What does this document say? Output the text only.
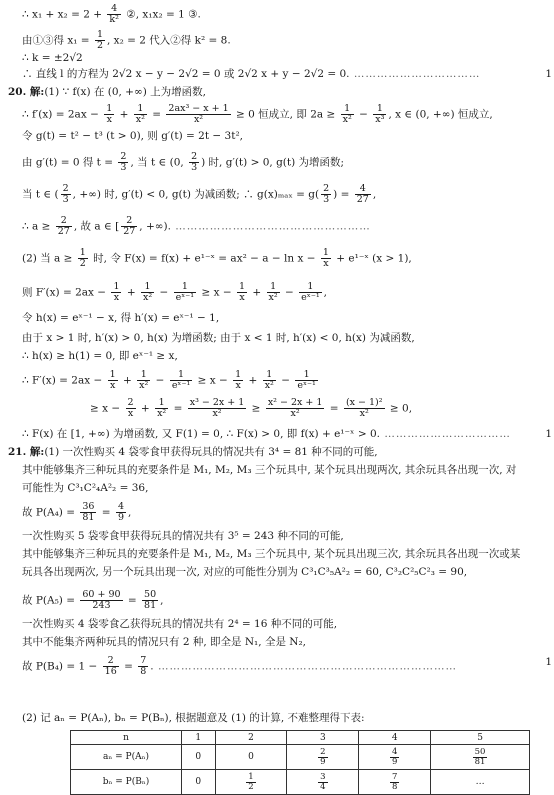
∴ $x_1 + x_2 = 2 + \frac{4}{\text{k²}}$ ②, x₁x₂ = 1 ③.
由①③得 $x_1 = \frac{1}{2}$ , x₂ = 2 代入②得 k² = 8.
∴ k = ±2√2
∴ 直线 l 的方程为 2√2 x − y − 2√2 = 0 或 2√2 x + y − 2√2 = 0. ……………………………	1
20. 解:(1) ∵ f(x) 在 (0, +∞) 上为增函数,
∴ $f'(x) = 2ax - \frac{1}{x} + \frac{1}{\text{x²}} = \frac{\text{2ax³ − x + 1}}{\text{x²}} \ge 0$ 恒成立, 即 $2a \ge \frac{1}{\text{x²}} - \frac{1}{\text{x³}}$ , x ∈ (0, +∞) 恒成立,
令 g(t) = t² − t³ (t > 0), 则 g′(t) = 2t − 3t²,
由 g′(t) = 0 得 $t = \frac{2}{3}$ , 当 t ∈ (0, $\frac{2}{3}$ ) 时, g′(t) > 0, g(t) 为增函数;
当 t ∈ ( $\frac{2}{3}$ , +∞) 时, g′(t) < 0, g(t) 为减函数; ∴ $g(x)_{max} = g( \frac{2}{3}$ ) = $\frac{4}{27}$ ,
∴ $a \ge \frac{2}{27}$ , 故 a ∈ [ $\frac{2}{27}$ , +∞). ……………………………………………
(2) 当 $a \ge \frac{1}{2}$ 时, 令 F(x) = f(x) + e¹⁻ˣ = $ax^2 - a - \ln x - \frac{1}{x}$ + e¹⁻ˣ (x > 1),
则 $F'(x) = 2ax - \frac{1}{x} + \frac{1}{\text{x²}} - \frac{1}{\text{eˣ⁻¹}} \ge x - \frac{1}{x} + \frac{1}{\text{x²}} - \frac{1}{\text{eˣ⁻¹}}$ ,
令 h(x) = eˣ⁻¹ − x, 得 h′(x) = eˣ⁻¹ − 1,
由于 x > 1 时, h′(x) > 0, h(x) 为增函数; 由于 x < 1 时, h′(x) < 0, h(x) 为减函数,
∴ h(x) ≥ h(1) = 0, 即 eˣ⁻¹ ≥ x,
∴ $F'(x) = 2ax - \frac{1}{x} + \frac{1}{\text{x²}} - \frac{1}{\text{eˣ⁻¹}} \ge x - \frac{1}{x} + \frac{1}{\text{x²}} - \frac{1}{\text{eˣ⁻¹}}$
≥ $x - \frac{2}{x} + \frac{1}{\text{x²}} = \frac{\text{x³ − 2x + 1}}{\text{x²}} \ge \frac{\text{x² − 2x + 1}}{\text{x²}} = \frac{\text{(x − 1)²}}{\text{x²}} \ge 0$,
∴ F(x) 在 [1, +∞) 为增函数, 又 F(1) = 0, ∴ F(x) > 0, 即 f(x) + e¹⁻ˣ > 0. ……………………………	1
21. 解:(1) 一次性购买 4 袋零食甲获得玩具的情况共有 3⁴ = 81 种不同的可能,
其中能够集齐三种玩具的充要条件是 M₁, M₂, M₃ 三个玩具中, 某个玩具出现两次, 其余玩具各出现一次, 对
可能性为 C³₁C²₄A²₂ = 36,
故 $P(A_4) = \frac{36}{81} = \frac{4}{9}$ ,
一次性购买 5 袋零食甲获得玩具的情况共有 3⁵ = 243 种不同的可能,
其中能够集齐三种玩具的充要条件是 M₁, M₂, M₃ 三个玩具中, 某个玩具出现三次, 其余玩具各出现一次或某
玩具各出现两次, 另一个玩具出现一次, 对应的可能性分别为 C³₁C³₅A²₂ = 60, C³₂C²₅C²₃ = 90,
故 $P(A_5) = \frac{60 + 90}{243} = \frac{50}{81}$ ,
一次性购买 4 袋零食乙获得玩具的情况共有 2⁴ = 16 种不同的可能,
其中不能集齐两种玩具的情况只有 2 种, 即全是 N₁, 全是 N₂,
故 $P(B_4) = 1 - \frac{2}{16} = \frac{7}{8}$ . ……………………………………………………………………	1
(2) 记 aₙ = P(Aₙ), bₙ = P(Bₙ), 根据题意及 (1) 的计算, 不难整理得下表:
n	1	2	3	4	5
aₙ = P(Aₙ)	0	0	$\frac{2}{9}$	$\frac{4}{9}$	$\frac{50}{81}$

bₙ = P(Bₙ)	0	$\frac{1}{2}$	$\frac{3}{4}$	$\frac{7}{8}$	…
